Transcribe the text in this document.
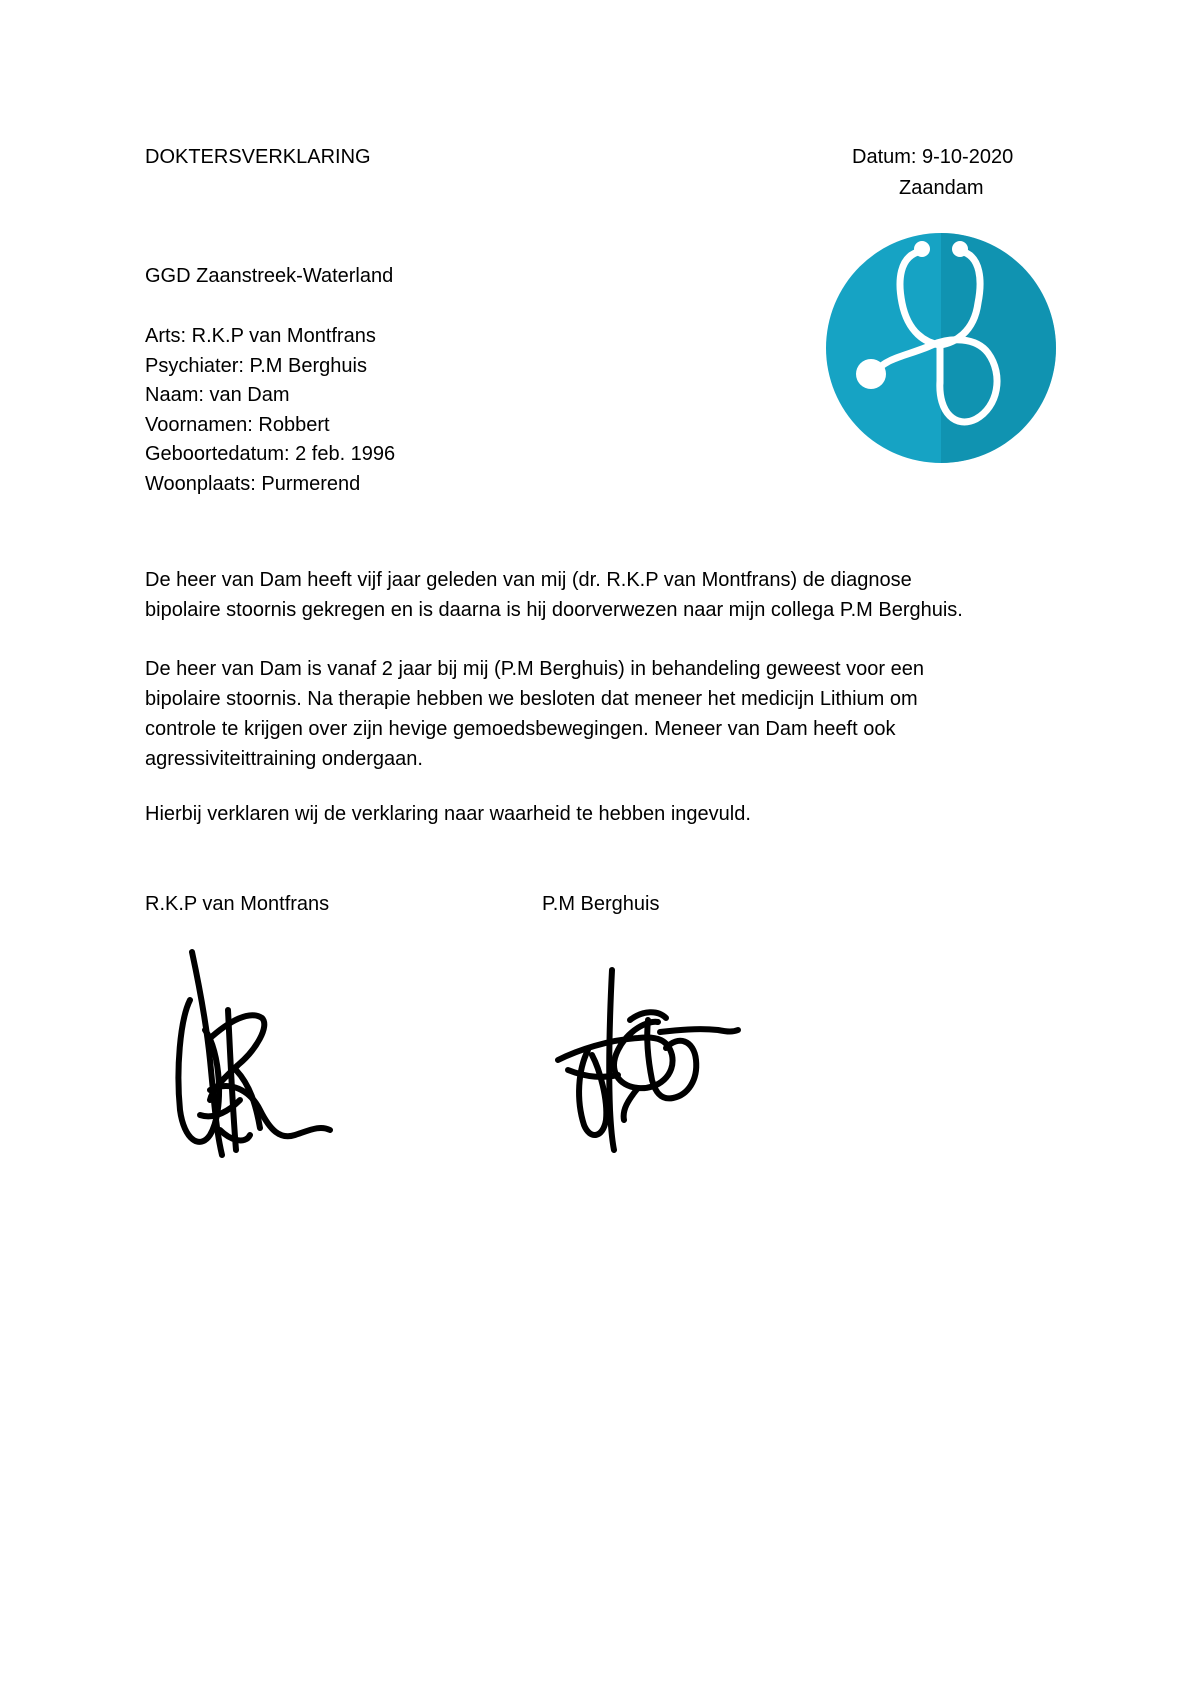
DOKTERSVERKLARING	Datum: 9-10-2020
Zaandam
GGD Zaanstreek-Waterland
Arts: R.K.P van Montfrans
Psychiater: P.M Berghuis
Naam: van Dam
Voornamen: Robbert
Geboortedatum: 2 feb. 1996
Woonplaats: Purmerend
De heer van Dam heeft vijf jaar geleden van mij (dr. R.K.P van Montfrans) de diagnose
bipolaire stoornis gekregen en is daarna is hij doorverwezen naar mijn collega P.M Berghuis.
De heer van Dam is vanaf 2 jaar bij mij (P.M Berghuis) in behandeling geweest voor een
bipolaire stoornis. Na therapie hebben we besloten dat meneer het medicijn Lithium om
controle te krijgen over zijn hevige gemoedsbewegingen. Meneer van Dam heeft ook
agressiviteittraining ondergaan.
Hierbij verklaren wij de verklaring naar waarheid te hebben ingevuld.
R.K.P van Montfrans	P.M Berghuis
